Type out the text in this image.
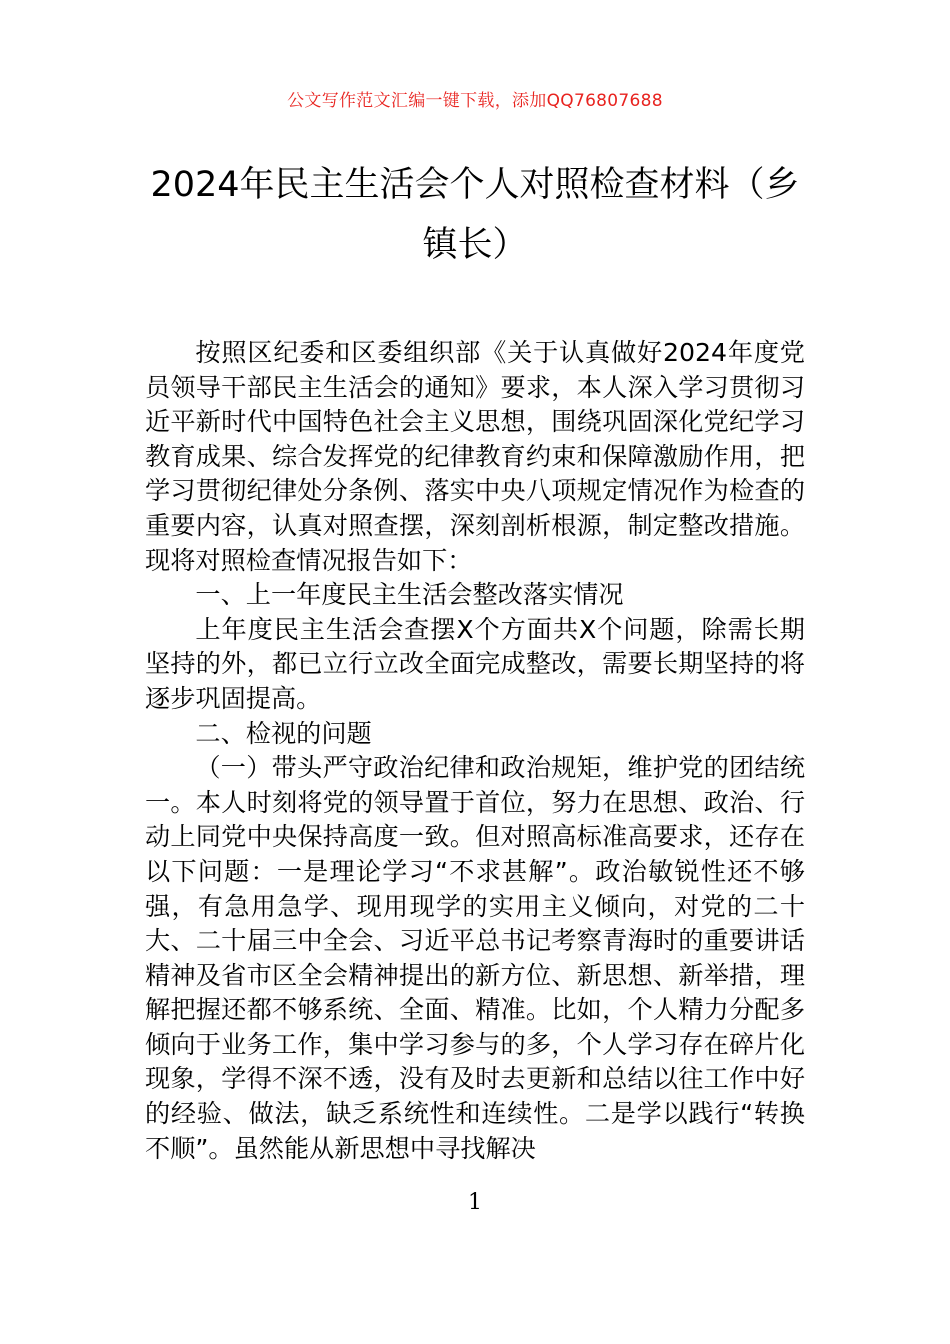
公文写作范文汇编一键下载，添加QQ76807688
2024年民主生活会个人对照检查材料（乡镇长）

按照区纪委和区委组织部《关于认真做好2024年度党员领导干部民主生活会的通知》要求，本人深入学习贯彻习近平新时代中国特色社会主义思想，围绕巩固深化党纪学习教育成果、综合发挥党的纪律教育约束和保障激励作用，把学习贯彻纪律处分条例、落实中央八项规定情况作为检查的重要内容，认真对照查摆，深刻剖析根源，制定整改措施。现将对照检查情况报告如下：

一、上一年度民主生活会整改落实情况

上年度民主生活会查摆X个方面共X个问题，除需长期坚持的外，都已立行立改全面完成整改，需要长期坚持的将逐步巩固提高。

二、检视的问题

（一）带头严守政治纪律和政治规矩，维护党的团结统一。本人时刻将党的领导置于首位，努力在思想、政治、行动上同党中央保持高度一致。但对照高标准高要求，还存在以下问题：一是理论学习“不求甚解”。政治敏锐性还不够强，有急用急学、现用现学的实用主义倾向，对党的二十大、二十届三中全会、习近平总书记考察青海时的重要讲话精神及省市区全会精神提出的新方位、新思想、新举措，理解把握还都不够系统、全面、精准。比如，个人精力分配多倾向于业务工作，集中学习参与的多，个人学习存在碎片化现象，学得不深不透，没有及时去更新和总结以往工作中好的经验、做法，缺乏系统性和连续性。二是学以践行“转换不顺”。虽然能从新思想中寻找解决

1
